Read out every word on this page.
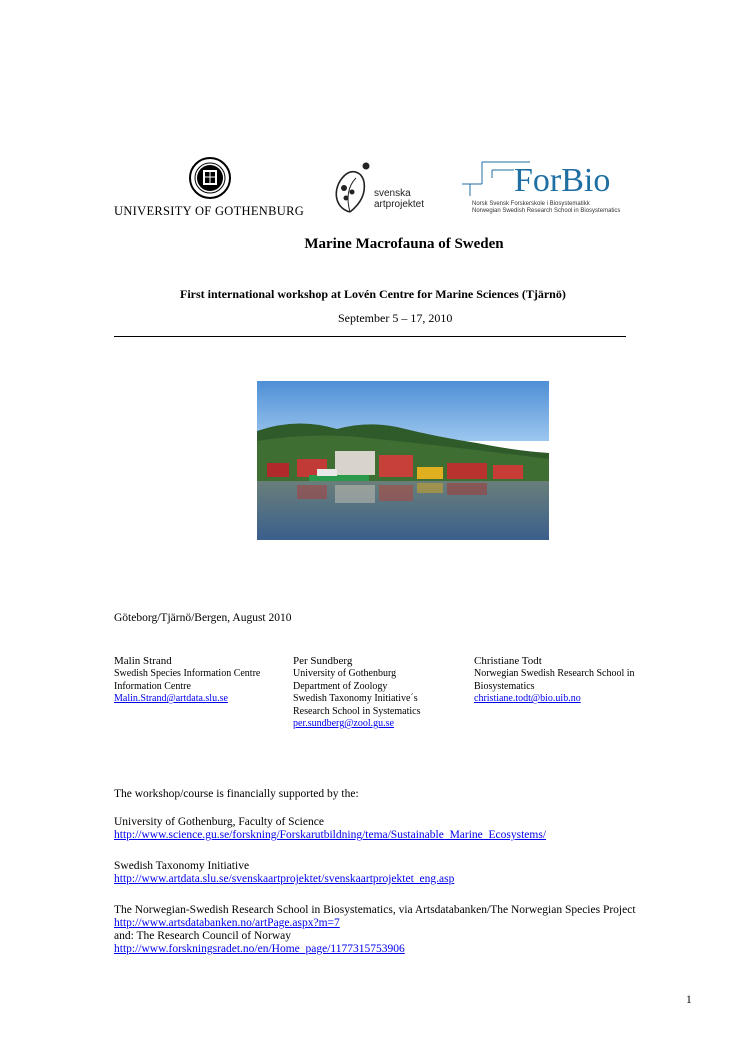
UNIVERSITY OF GOTHENBURG
svenska
artprojektet
ForBio
Norsk Svensk Forskerskole i Biosystematikk
Norwegian Swedish Research School in Biosystematics
Marine Macrofauna of Sweden
First international workshop at Lovén Centre for Marine Sciences (Tjärnö)
September 5 – 17, 2010
Göteborg/Tjärnö/Bergen, August 2010
Malin Strand
Swedish Species Information Centre
Information Centre
Malin.Strand@artdata.slu.se
Per Sundberg
University of Gothenburg
Department of Zoology
Swedish Taxonomy Initiative´s
Research School in Systematics
per.sundberg@zool.gu.se
Christiane Todt
Norwegian Swedish Research School in
Biosystematics
christiane.todt@bio.uib.no
The workshop/course is financially supported by the:
University of Gothenburg, Faculty of Science
http://www.science.gu.se/forskning/Forskarutbildning/tema/Sustainable_Marine_Ecosystems/
Swedish Taxonomy Initiative
http://www.artdata.slu.se/svenskaartprojektet/svenskaartprojektet_eng.asp
The Norwegian-Swedish Research School in Biosystematics, via Artsdatabanken/The Norwegian Species Project
http://www.artsdatabanken.no/artPage.aspx?m=7
and: The Research Council of Norway
http://www.forskningsradet.no/en/Home_page/1177315753906
1
